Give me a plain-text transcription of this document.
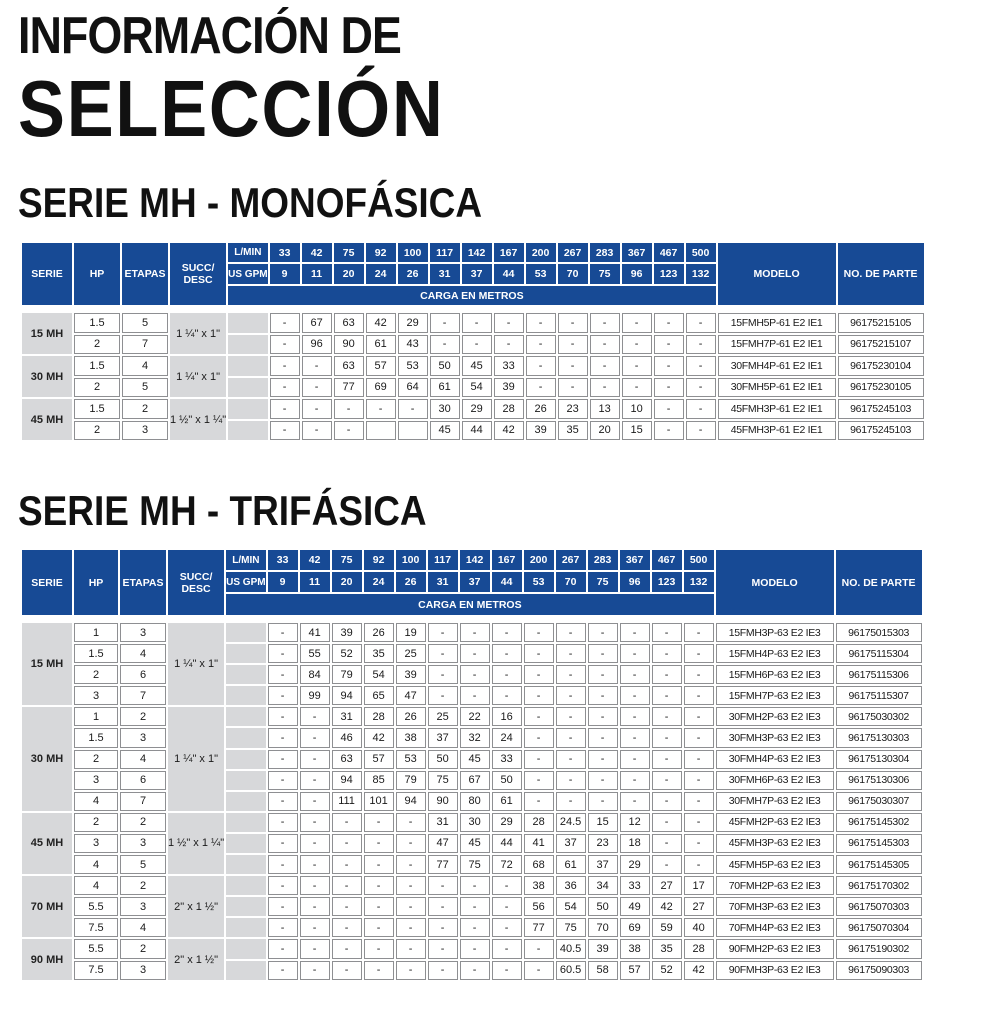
INFORMACIÓN DE
SELECCIÓN
SERIE MH - MONOFÁSICA
SERIE	HP	ETAPAS	SUCC/
DESC	L/MIN	33	42	75	92	100	117	142	167	200	267	283	367	467	500	MODELO	NO. DE PARTE
				US GPM	9	11	20	24	26	31	37	44	53	70	75	96	123	132		
				CARGA EN METROS																

15 MH	1.5	5	1 ¼" x 1"		-	67	63	42	29	-	-	-	-	-	-	-	-	-	15FMH5P-61 E2 IE1	96175215105
	2	7			-	96	90	61	43	-	-	-	-	-	-	-	-	-	15FMH7P-61 E2 IE1	96175215107
30 MH	1.5	4	1 ¼" x 1"		-	-	63	57	53	50	45	33	-	-	-	-	-	-	30FMH4P-61 E2 IE1	96175230104
	2	5			-	-	77	69	64	61	54	39	-	-	-	-	-	-	30FMH5P-61 E2 IE1	96175230105
45 MH	1.5	2	1 ½" x 1 ¼"		-	-	-	-	-	30	29	28	26	23	13	10	-	-	45FMH3P-61 E2 IE1	96175245103
	2	3			-	-	-			45	44	42	39	35	20	15	-	-	45FMH3P-61 E2 IE1	96175245103
SERIE MH - TRIFÁSICA
SERIE	HP	ETAPAS	SUCC/
DESC	L/MIN	33	42	75	92	100	117	142	167	200	267	283	367	467	500	MODELO	NO. DE PARTE
				US GPM	9	11	20	24	26	31	37	44	53	70	75	96	123	132		
				CARGA EN METROS																

15 MH	1	3	1 ¼" x 1"		-	41	39	26	19	-	-	-	-	-	-	-	-	-	15FMH3P-63 E2 IE3	96175015303
	1.5	4			-	55	52	35	25	-	-	-	-	-	-	-	-	-	15FMH4P-63 E2 IE3	96175115304
	2	6			-	84	79	54	39	-	-	-	-	-	-	-	-	-	15FMH6P-63 E2 IE3	96175115306
	3	7			-	99	94	65	47	-	-	-	-	-	-	-	-	-	15FMH7P-63 E2 IE3	96175115307
30 MH	1	2	1 ¼" x 1"		-	-	31	28	26	25	22	16	-	-	-	-	-	-	30FMH2P-63 E2 IE3	96175030302
	1.5	3			-	-	46	42	38	37	32	24	-	-	-	-	-	-	30FMH3P-63 E2 IE3	96175130303
	2	4			-	-	63	57	53	50	45	33	-	-	-	-	-	-	30FMH4P-63 E2 IE3	96175130304
	3	6			-	-	94	85	79	75	67	50	-	-	-	-	-	-	30FMH6P-63 E2 IE3	96175130306
	4	7			-	-	111	101	94	90	80	61	-	-	-	-	-	-	30FMH7P-63 E2 IE3	96175030307
45 MH	2	2	1 ½" x 1 ¼"		-	-	-	-	-	31	30	29	28	24.5	15	12	-	-	45FMH2P-63 E2 IE3	96175145302
	3	3			-	-	-	-	-	47	45	44	41	37	23	18	-	-	45FMH3P-63 E2 IE3	96175145303
	4	5			-	-	-	-	-	77	75	72	68	61	37	29	-	-	45FMH5P-63 E2 IE3	96175145305
70 MH	4	2	2" x 1 ½"		-	-	-	-	-	-	-	-	38	36	34	33	27	17	70FMH2P-63 E2 IE3	96175170302
	5.5	3			-	-	-	-	-	-	-	-	56	54	50	49	42	27	70FMH3P-63 E2 IE3	96175070303
	7.5	4			-	-	-	-	-	-	-	-	77	75	70	69	59	40	70FMH4P-63 E2 IE3	96175070304
90 MH	5.5	2	2" x 1 ½"		-	-	-	-	-	-	-	-	-	40.5	39	38	35	28	90FMH2P-63 E2 IE3	96175190302
	7.5	3			-	-	-	-	-	-	-	-	-	60.5	58	57	52	42	90FMH3P-63 E2 IE3	96175090303
